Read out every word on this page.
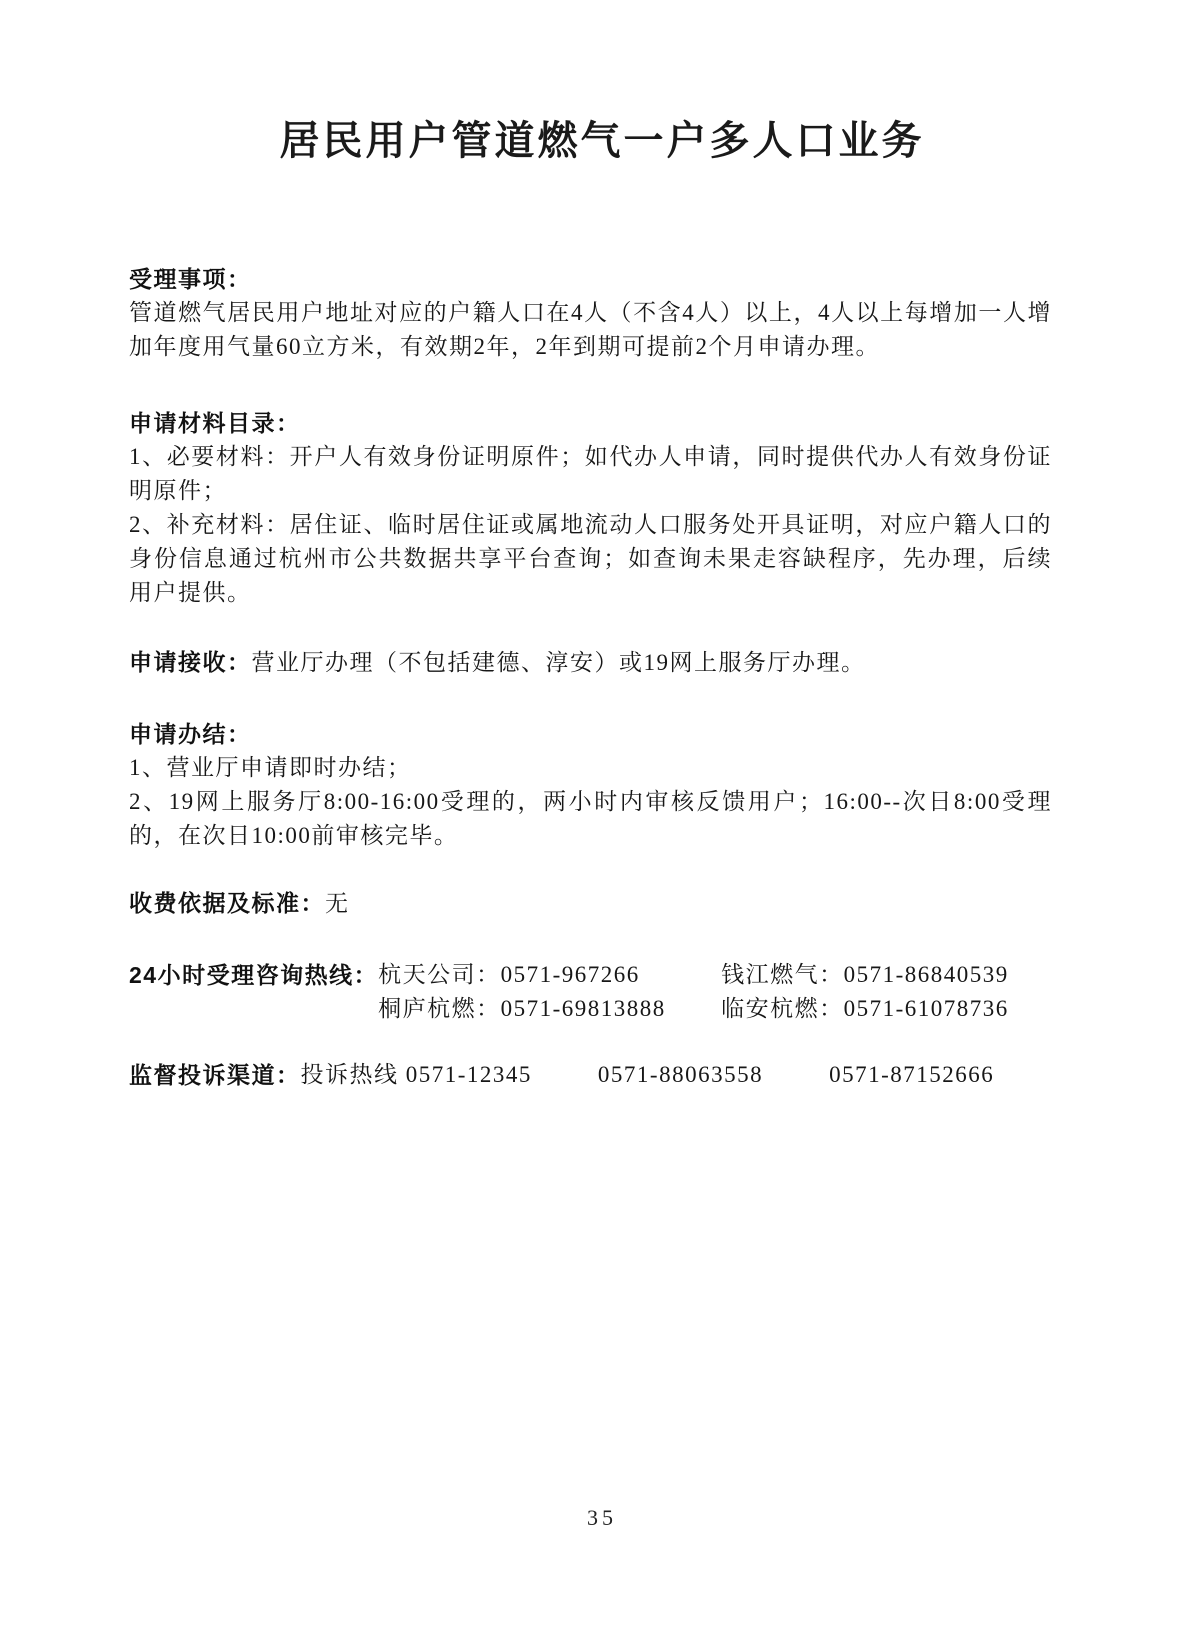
居民用户管道燃气一户多人口业务

受理事项：

管道燃气居民用户地址对应的户籍人口在4人（不含4人）以上，4人以上每增加一人增加年度用气量60立方米，有效期2年，2年到期可提前2个月申请办理。

申请材料目录：

1、必要材料：开户人有效身份证明原件；如代办人申请，同时提供代办人有效身份证明原件；

2、补充材料：居住证、临时居住证或属地流动人口服务处开具证明，对应户籍人口的身份信息通过杭州市公共数据共享平台查询；如查询未果走容缺程序，先办理，后续用户提供。

申请接收：营业厅办理（不包括建德、淳安）或19网上服务厅办理。

申请办结：

1、营业厅申请即时办结；

2、19网上服务厅8:00-16:00受理的，两小时内审核反馈用户；16:00--次日8:00受理的，在次日10:00前审核完毕。

收费依据及标准：无
24小时受理咨询热线： 杭天公司：0571-967266	钱江燃气：0571-86840539
桐庐杭燃：0571-69813888	临安杭燃：0571-61078736
监督投诉渠道： 投诉热线 0571-12345	0571-88063558	0571-87152666
35
